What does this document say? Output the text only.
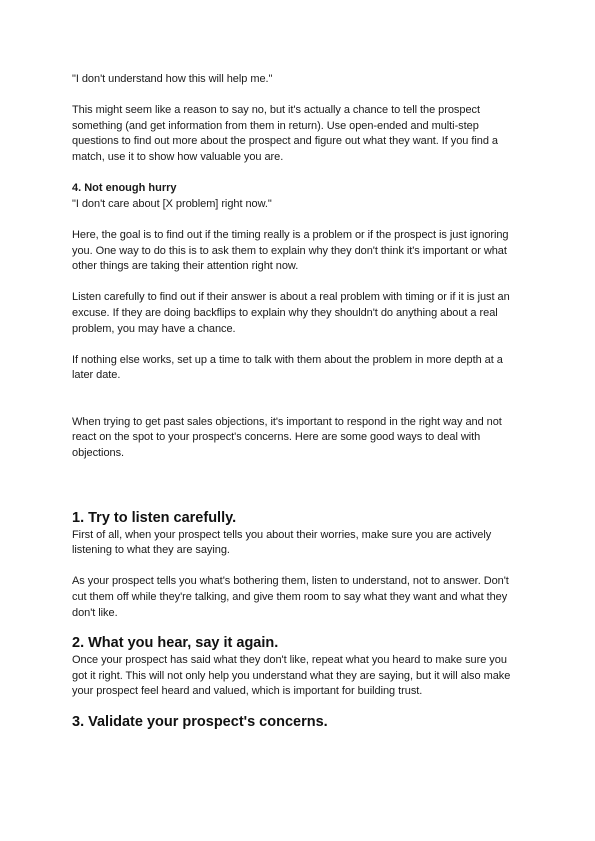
"I don't understand how this will help me."

This might seem like a reason to say no, but it's actually a chance to tell the prospect something (and get information from them in return). Use open-ended and multi-step questions to find out more about the prospect and figure out what they want. If you find a match, use it to show how valuable you are.

4. Not enough hurry

"I don't care about [X problem] right now."

Here, the goal is to find out if the timing really is a problem or if the prospect is just ignoring you. One way to do this is to ask them to explain why they don't think it's important or what other things are taking their attention right now.

Listen carefully to find out if their answer is about a real problem with timing or if it is just an excuse. If they are doing backflips to explain why they shouldn't do anything about a real problem, you may have a chance.

If nothing else works, set up a time to talk with them about the problem in more depth at a later date.

When trying to get past sales objections, it's important to respond in the right way and not react on the spot to your prospect's concerns. Here are some good ways to deal with objections.

1. Try to listen carefully.

First of all, when your prospect tells you about their worries, make sure you are actively listening to what they are saying.

As your prospect tells you what's bothering them, listen to understand, not to answer. Don't cut them off while they're talking, and give them room to say what they want and what they don't like.

2. What you hear, say it again.

Once your prospect has said what they don't like, repeat what you heard to make sure you got it right. This will not only help you understand what they are saying, but it will also make your prospect feel heard and valued, which is important for building trust.

3. Validate your prospect's concerns.
